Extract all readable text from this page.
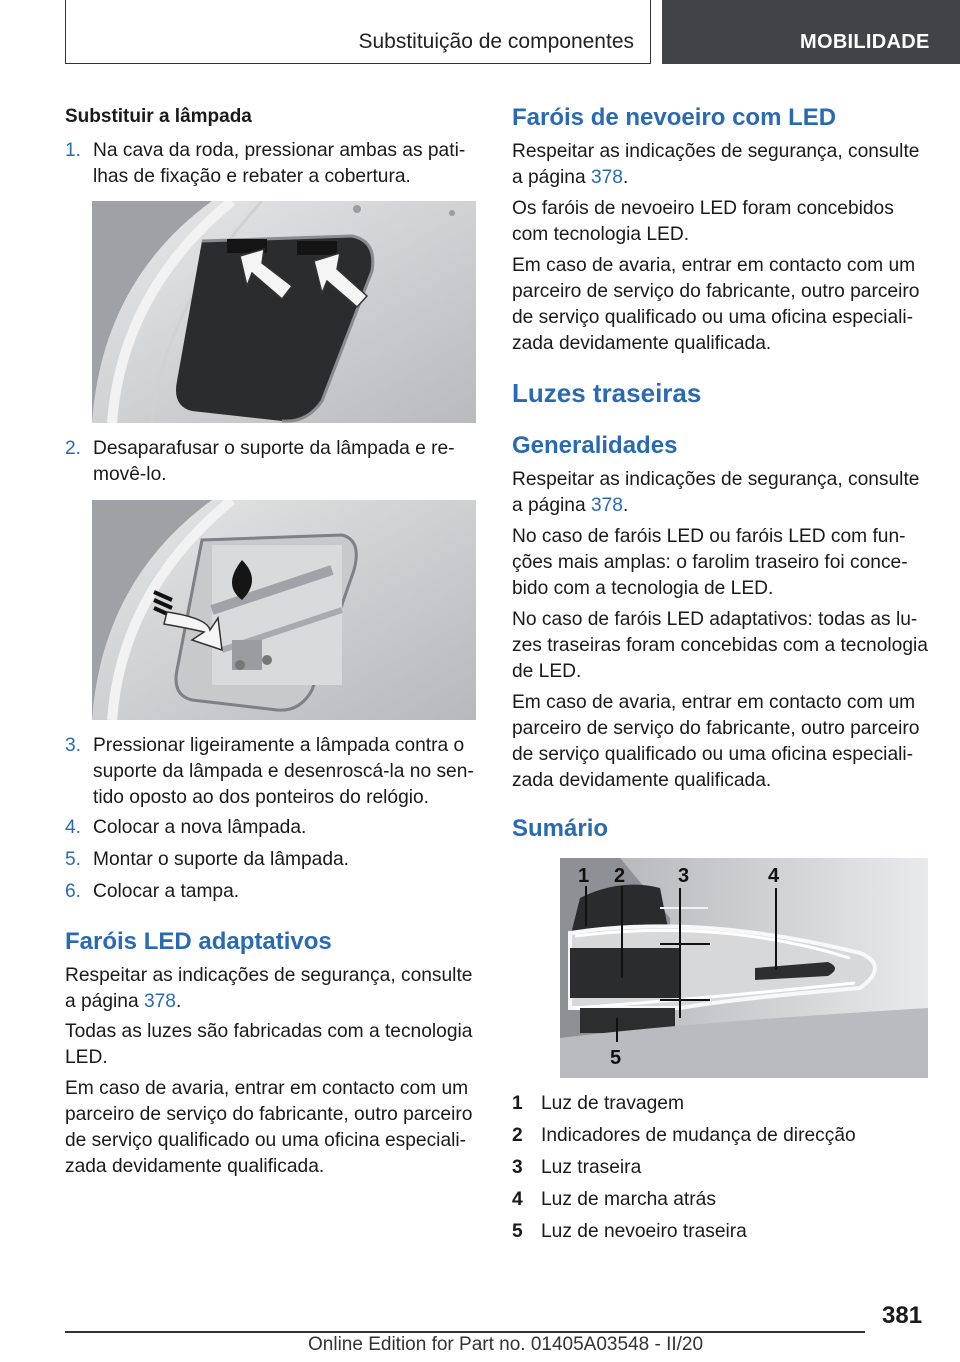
Substituição de componentes	MOBILIDADE
Substituir a lâmpada
1. Na cava da roda, pressionar ambas as pati-lhas de fixação e rebater a cobertura.
2. Desaparafusar o suporte da lâmpada e re-movê-lo.
3. Pressionar ligeiramente a lâmpada contra o suporte da lâmpada e desenroscá-la no sen-tido oposto ao dos ponteiros do relógio.
4. Colocar a nova lâmpada.
5. Montar o suporte da lâmpada.
6. Colocar a tampa.
Faróis LED adaptativos
Respeitar as indicações de segurança, consulte a página 378.
Todas as luzes são fabricadas com a tecnologia LED.
Em caso de avaria, entrar em contacto com um parceiro de serviço do fabricante, outro parceiro de serviço qualificado ou uma oficina especiali-zada devidamente qualificada.
Faróis de nevoeiro com LED
Respeitar as indicações de segurança, consulte a página 378.
Os faróis de nevoeiro LED foram concebidos com tecnologia LED.
Em caso de avaria, entrar em contacto com um parceiro de serviço do fabricante, outro parceiro de serviço qualificado ou uma oficina especiali-zada devidamente qualificada.
Luzes traseiras
Generalidades
Respeitar as indicações de segurança, consulte a página 378.
No caso de faróis LED ou faróis LED com fun-ções mais amplas: o farolim traseiro foi conce-bido com a tecnologia de LED.
No caso de faróis LED adaptativos: todas as lu-zes traseiras foram concebidas com a tecnologia de LED.
Em caso de avaria, entrar em contacto com um parceiro de serviço do fabricante, outro parceiro de serviço qualificado ou uma oficina especiali-zada devidamente qualificada.
Sumário
1 2	3	4
5
1 Luz de travagem
2 Indicadores de mudança de direcção
3 Luz traseira
4 Luz de marcha atrás
5 Luz de nevoeiro traseira
381
Online Edition for Part no. 01405A03548 - II/20
